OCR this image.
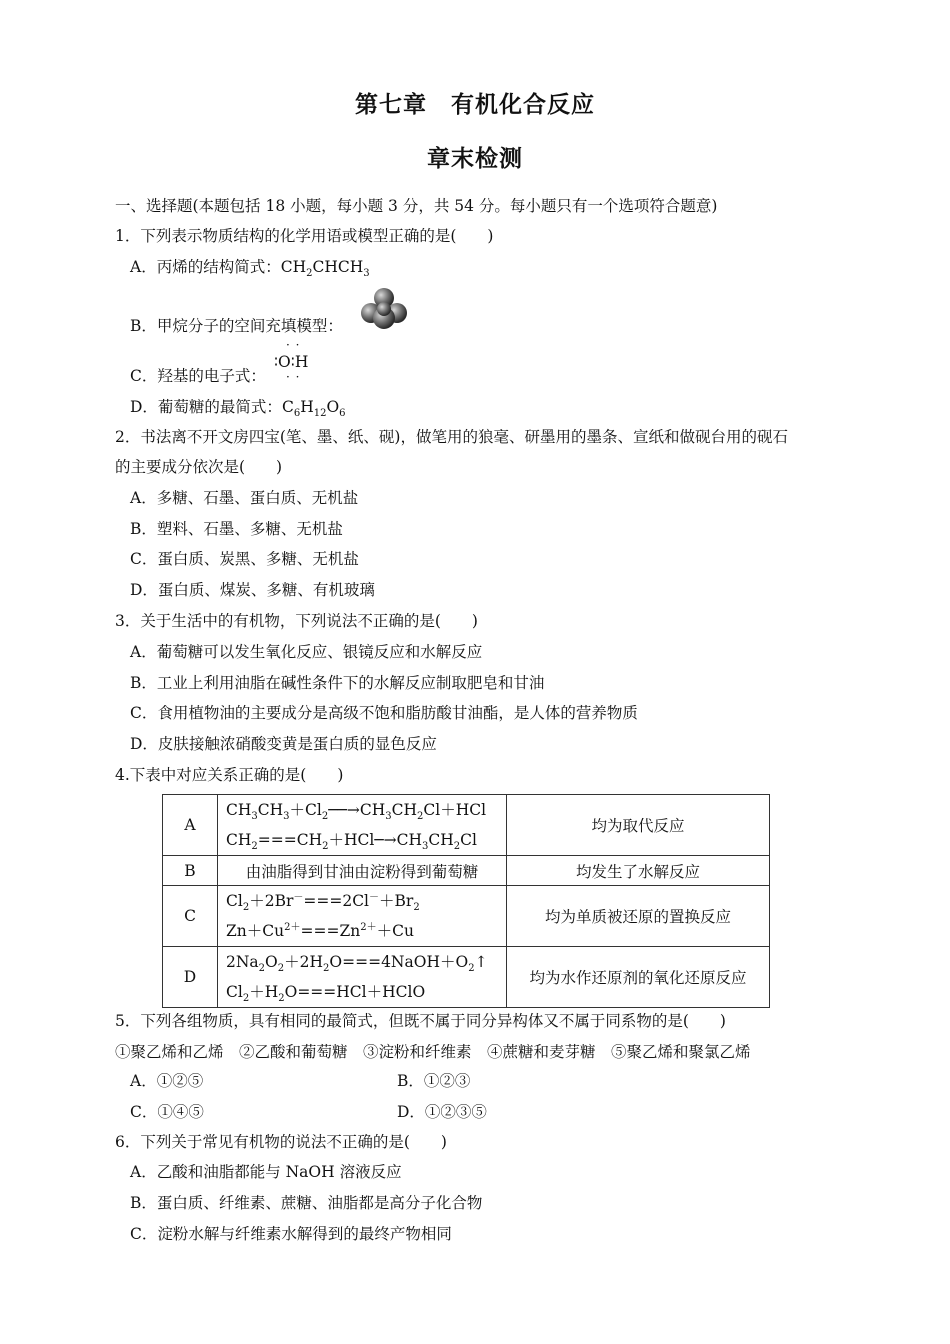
第七章　有机化合反应
章末检测
一、选择题(本题包括 18 小题，每小题 3 分，共 54 分。每小题只有一个选项符合题意)
1．下列表示物质结构的化学用语或模型正确的是(　　)
A．丙烯的结构简式：$CH_2CHCH_3$
B．甲烷分子的空间充填模型：
C．羟基的电子式：
· ·
· ·
∶O∶H
D．葡萄糖的最简式：$C_6H_{12}O_6$
2．书法离不开文房四宝(笔、墨、纸、砚)，做笔用的狼毫、研墨用的墨条、宣纸和做砚台用的砚石
的主要成分依次是(　　)
A．多糖、石墨、蛋白质、无机盐
B．塑料、石墨、多糖、无机盐
C．蛋白质、炭黑、多糖、无机盐
D．蛋白质、煤炭、多糖、有机玻璃
3．关于生活中的有机物，下列说法不正确的是(　　)
A．葡萄糖可以发生氧化反应、银镜反应和水解反应
B．工业上利用油脂在碱性条件下的水解反应制取肥皂和甘油
C．食用植物油的主要成分是高级不饱和脂肪酸甘油酯，是人体的营养物质
D．皮肤接触浓硝酸变黄是蛋白质的显色反应
4.下表中对应关系正确的是(　　)
A	$CH_3CH_3+Cl_2──\to CH_3CH_2Cl+HCl$
$CH_2===CH_2+HCl─\to CH_3CH_2Cl$	均为取代反应
B	由油脂得到甘油由淀粉得到葡萄糖	均发生了水解反应
C	$Cl_2+2Br^-===2Cl^-+Br_2$
$Zn+Cu^{2+}===Zn^{2+}+Cu$	均为单质被还原的置换反应
D	$2Na_2O_2+2H_2O===4NaOH+O_2↑$
$Cl_2+H_2O===HCl+HClO$	均为水作还原剂的氧化还原反应
5．下列各组物质，具有相同的最简式，但既不属于同分异构体又不属于同系物的是(　　)
①聚乙烯和乙烯　②乙酸和葡萄糖　③淀粉和纤维素　④蔗糖和麦芽糖　⑤聚乙烯和聚氯乙烯
A．①②⑤	B．①②③
C．①④⑤	D．①②③⑤
6．下列关于常见有机物的说法不正确的是(　　)
A．乙酸和油脂都能与 NaOH 溶液反应
B．蛋白质、纤维素、蔗糖、油脂都是高分子化合物
C．淀粉水解与纤维素水解得到的最终产物相同
